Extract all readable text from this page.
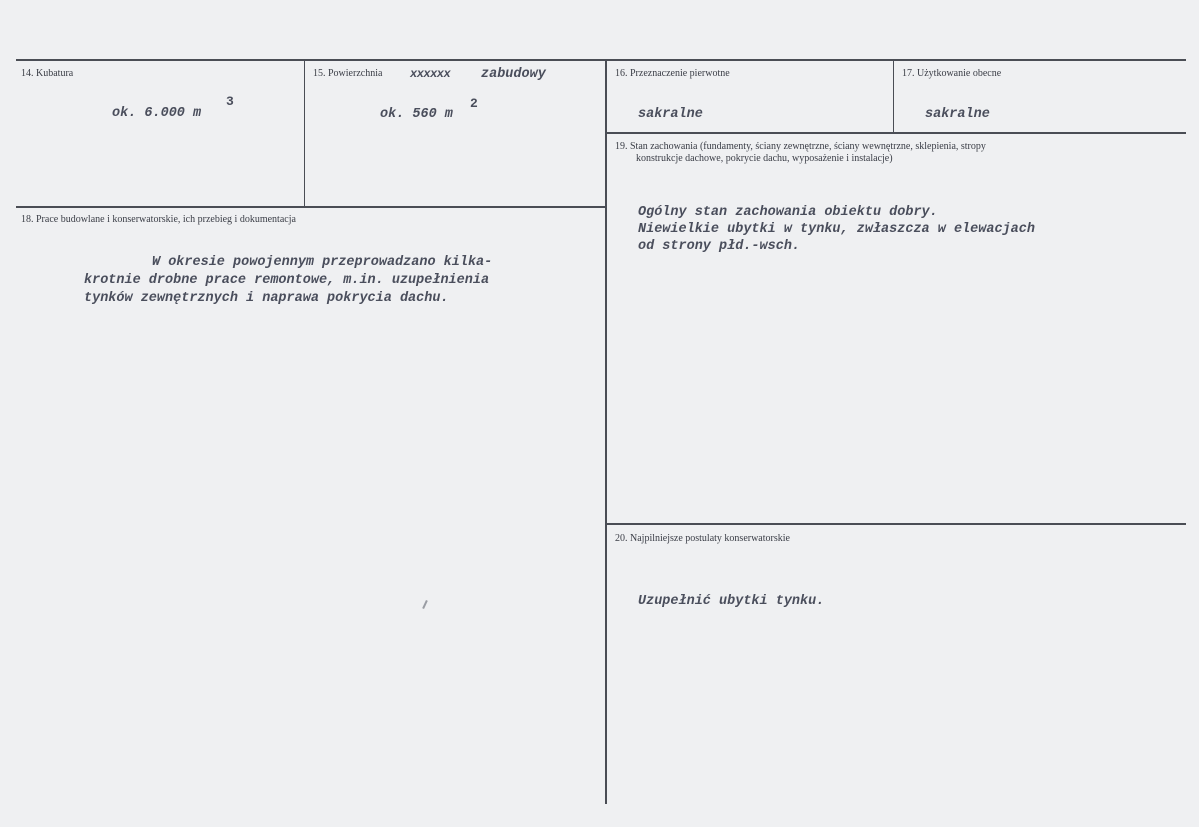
14. Kubatura
ok. 6.000 m
3
15. Powierzchnia xxxxxx zabudowy
ok. 560 m
2
16. Przeznaczenie pierwotne
sakralne
17. Użytkowanie obecne
sakralne
18. Prace budowlane i konserwatorskie, ich przebieg i dokumentacja
W okresie powojennym przeprowadzano kilka-
krotnie drobne prace remontowe, m.in. uzupełnienia
tynków zewnętrznych i naprawa pokrycia dachu.
19. Stan zachowania (fundamenty, ściany zewnętrzne, ściany wewnętrzne, sklepienia, stropy
konstrukcje dachowe, pokrycie dachu, wyposażenie i instalacje)
Ogólny stan zachowania obiektu dobry.
Niewielkie ubytki w tynku, zwłaszcza w elewacjach
od strony płd.-wsch.
20. Najpilniejsze postulaty konserwatorskie
Uzupełnić ubytki tynku.
